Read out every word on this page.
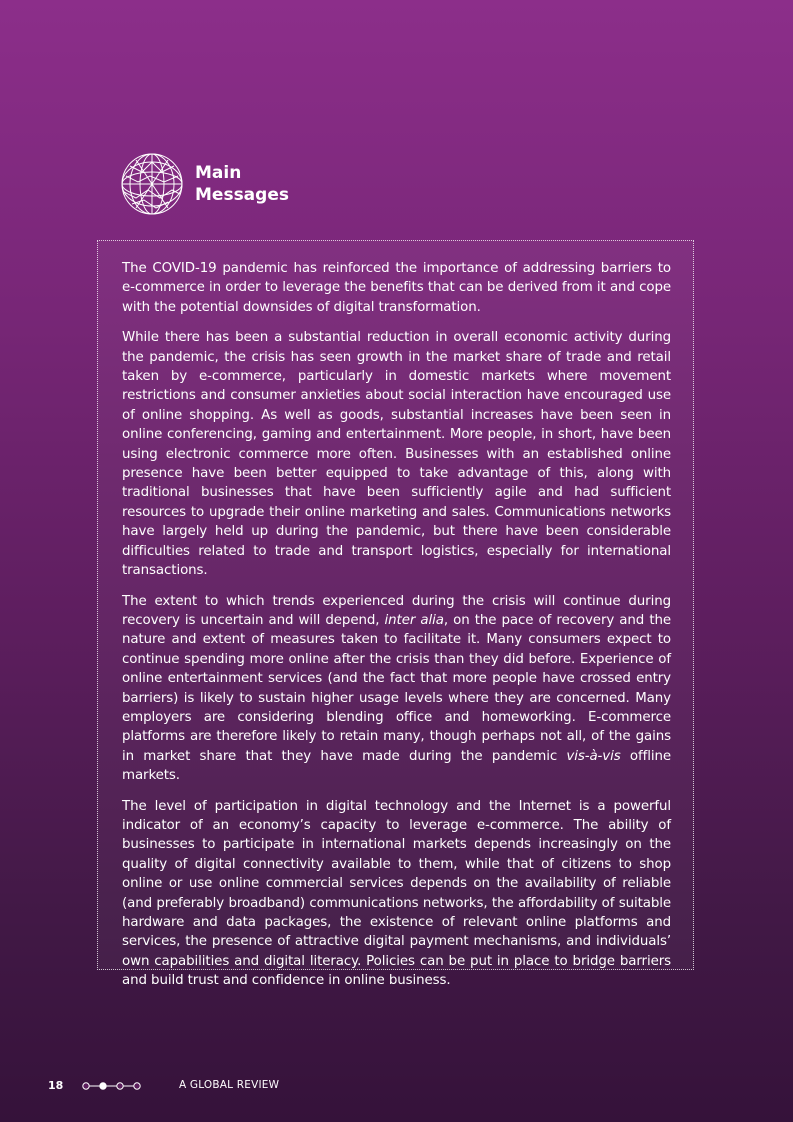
Main
Messages

The COVID-19 pandemic has reinforced the importance of addressing barriers to e-commerce in order to leverage the benefits that can be derived from it and cope with the potential downsides of digital transformation.

While there has been a substantial reduction in overall economic activity during the pandemic, the crisis has seen growth in the market share of trade and retail taken by e-commerce, particularly in domestic markets where movement restrictions and consumer anxieties about social interaction have encouraged use of online shopping. As well as goods, substantial increases have been seen in online conferencing, gaming and entertainment. More people, in short, have been using electronic commerce more often. Businesses with an established online presence have been better equipped to take advantage of this, along with traditional businesses that have been sufficiently agile and had sufficient resources to upgrade their online marketing and sales. Communications networks have largely held up during the pandemic, but there have been considerable difficulties related to trade and transport logistics, especially for international transactions.

The extent to which trends experienced during the crisis will continue during recovery is uncertain and will depend, inter alia, on the pace of recovery and the nature and extent of measures taken to facilitate it. Many consumers expect to continue spending more online after the crisis than they did before. Experience of online entertainment services (and the fact that more people have crossed entry barriers) is likely to sustain higher usage levels where they are concerned. Many employers are considering blending office and homeworking. E-commerce platforms are therefore likely to retain many, though perhaps not all, of the gains in market share that they have made during the pandemic vis-à-vis offline markets.

The level of participation in digital technology and the Internet is a powerful indicator of an economy’s capacity to leverage e-commerce. The ability of businesses to participate in international markets depends increasingly on the quality of digital connectivity available to them, while that of citizens to shop online or use online commercial services depends on the availability of reliable (and preferably broadband) communications networks, the affordability of suitable hardware and data packages, the existence of relevant online platforms and services, the presence of attractive digital payment mechanisms, and individuals’ own capabilities and digital literacy. Policies can be put in place to bridge barriers and build trust and confidence in online business.

18	A GLOBAL REVIEW
